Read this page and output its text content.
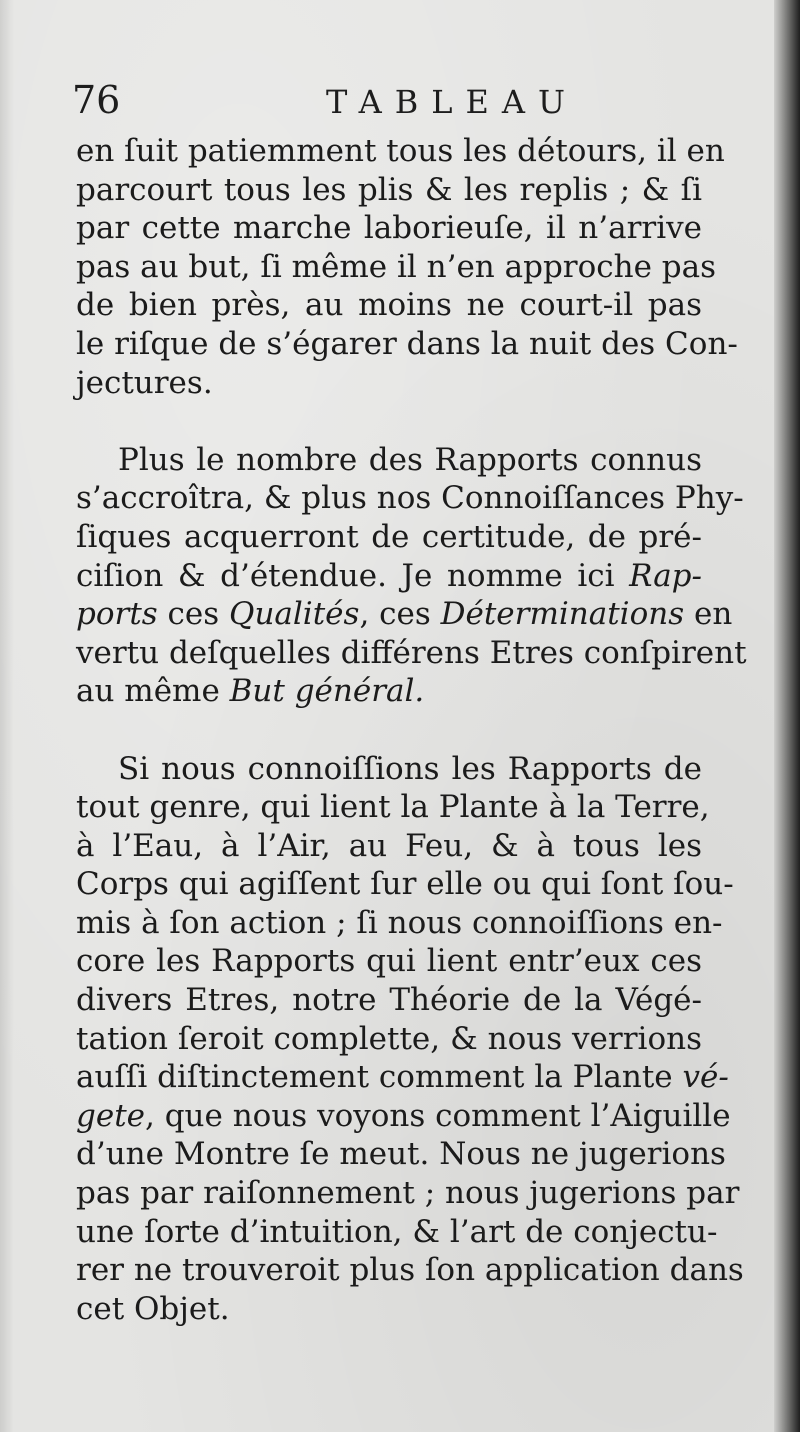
76	TABLEAU
en ſuit patiemment tous les détours, il en
parcourt tous les plis & les replis ; & ſi
par cette marche laborieuſe, il n’arrive
pas au but, ſi même il n’en approche pas
de bien près, au moins ne court-il pas
le riſque de s’égarer dans la nuit des Con-
jectures.
Plus le nombre des Rapports connus
s’accroîtra, & plus nos Connoiſſances Phy-
ſiques acquerront de certitude, de pré-
ciſion & d’étendue. Je nomme ici Rap-
ports ces Qualités, ces Déterminations en
vertu deſquelles différens Etres conſpirent
au même But général.
Si nous connoiſſions les Rapports de
tout genre, qui lient la Plante à la Terre,
à l’Eau, à l’Air, au Feu, & à tous les
Corps qui agiſſent ſur elle ou qui ſont ſou-
mis à ſon action ; ſi nous connoiſſions en-
core les Rapports qui lient entr’eux ces
divers Etres, notre Théorie de la Végé-
tation ſeroit complette, & nous verrions
auſſi diſtinctement comment la Plante vé-
gete, que nous voyons comment l’Aiguille
d’une Montre ſe meut. Nous ne jugerions
pas par raiſonnement ; nous jugerions par
une ſorte d’intuition, & l’art de conjectu-
rer ne trouveroit plus ſon application dans
cet Objet.
